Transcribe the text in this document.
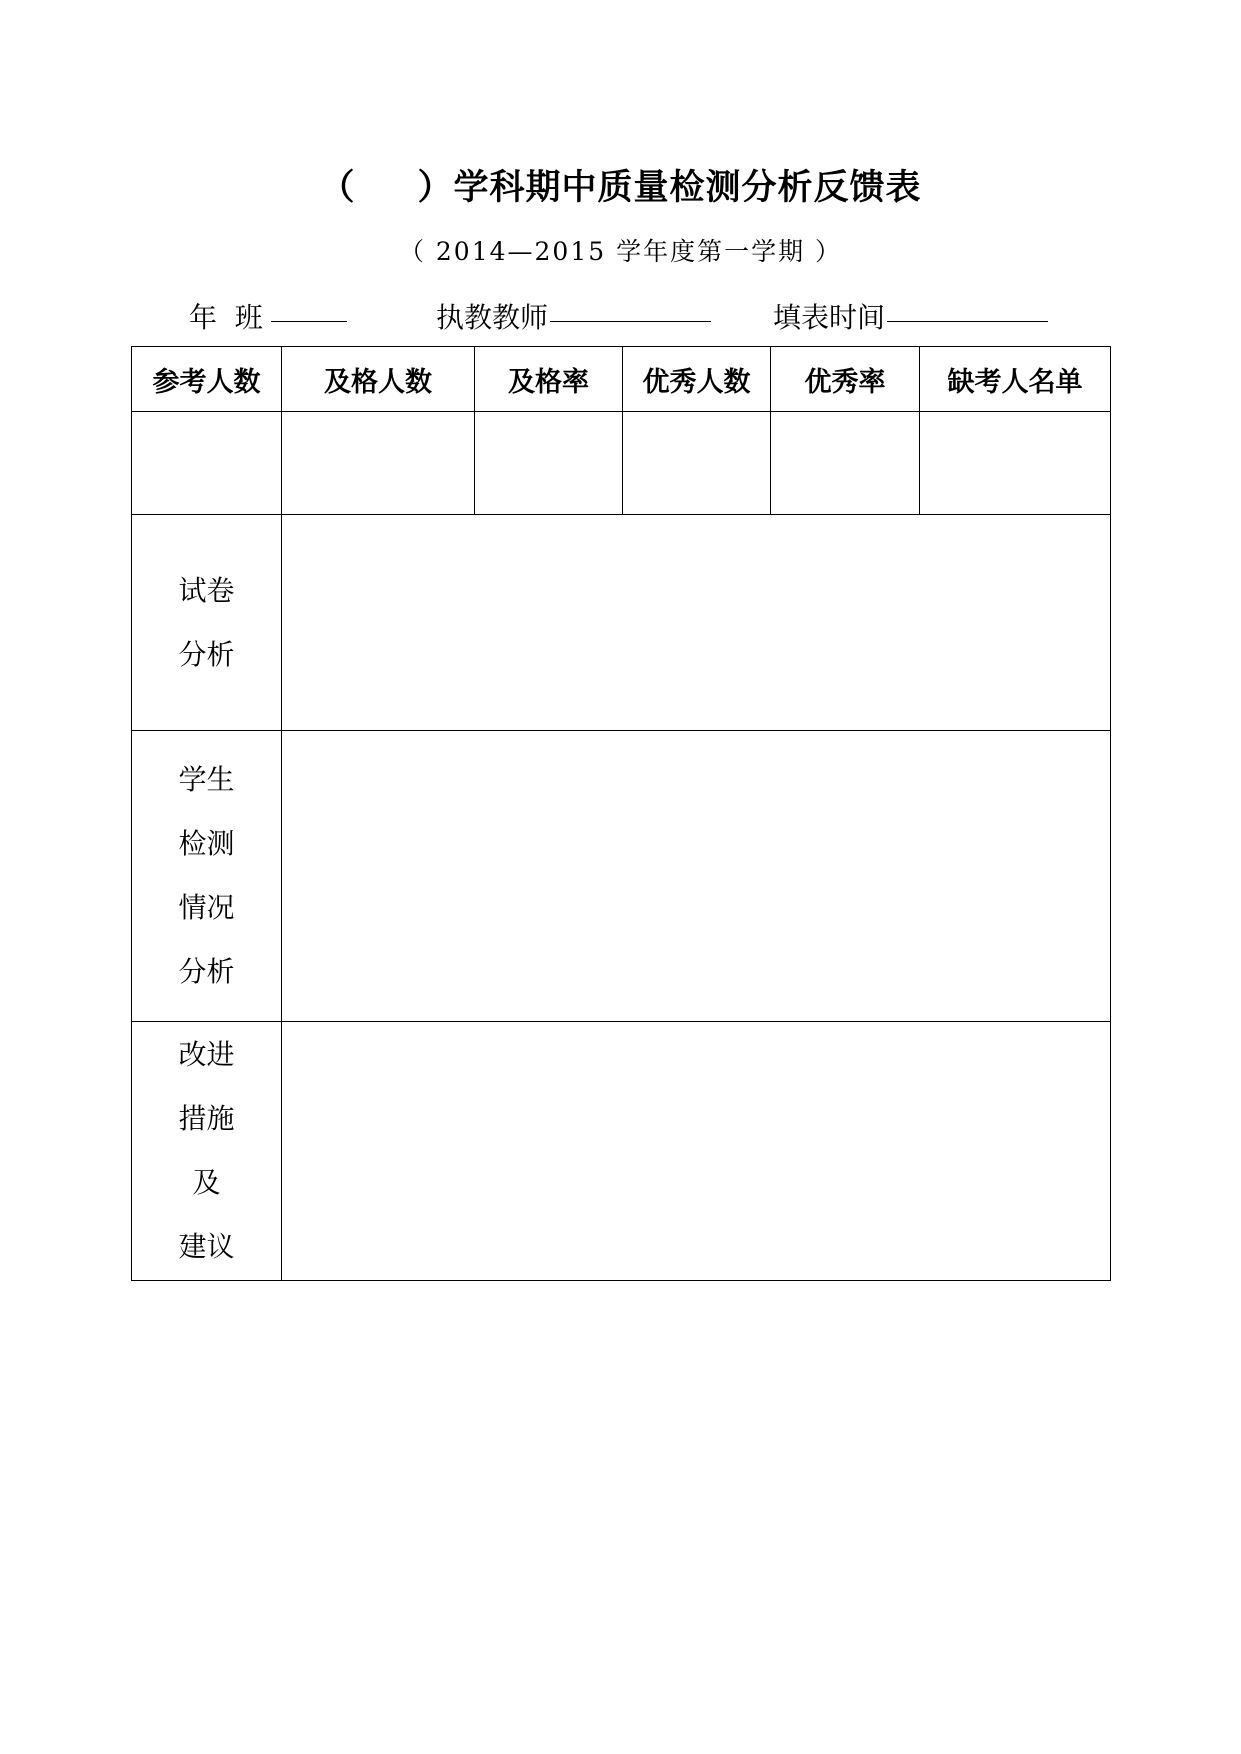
（ ）学科期中质量检测分析反馈表
（ 2014—2015 学年度第一学期 ）

年  班

	执教教师

	填表时间

参考人数	及格人数	及格率	优秀人数	优秀率	缺考人名单

试卷
分析					

学生
检测
情况
分析					

改进
措施
及
建议					
